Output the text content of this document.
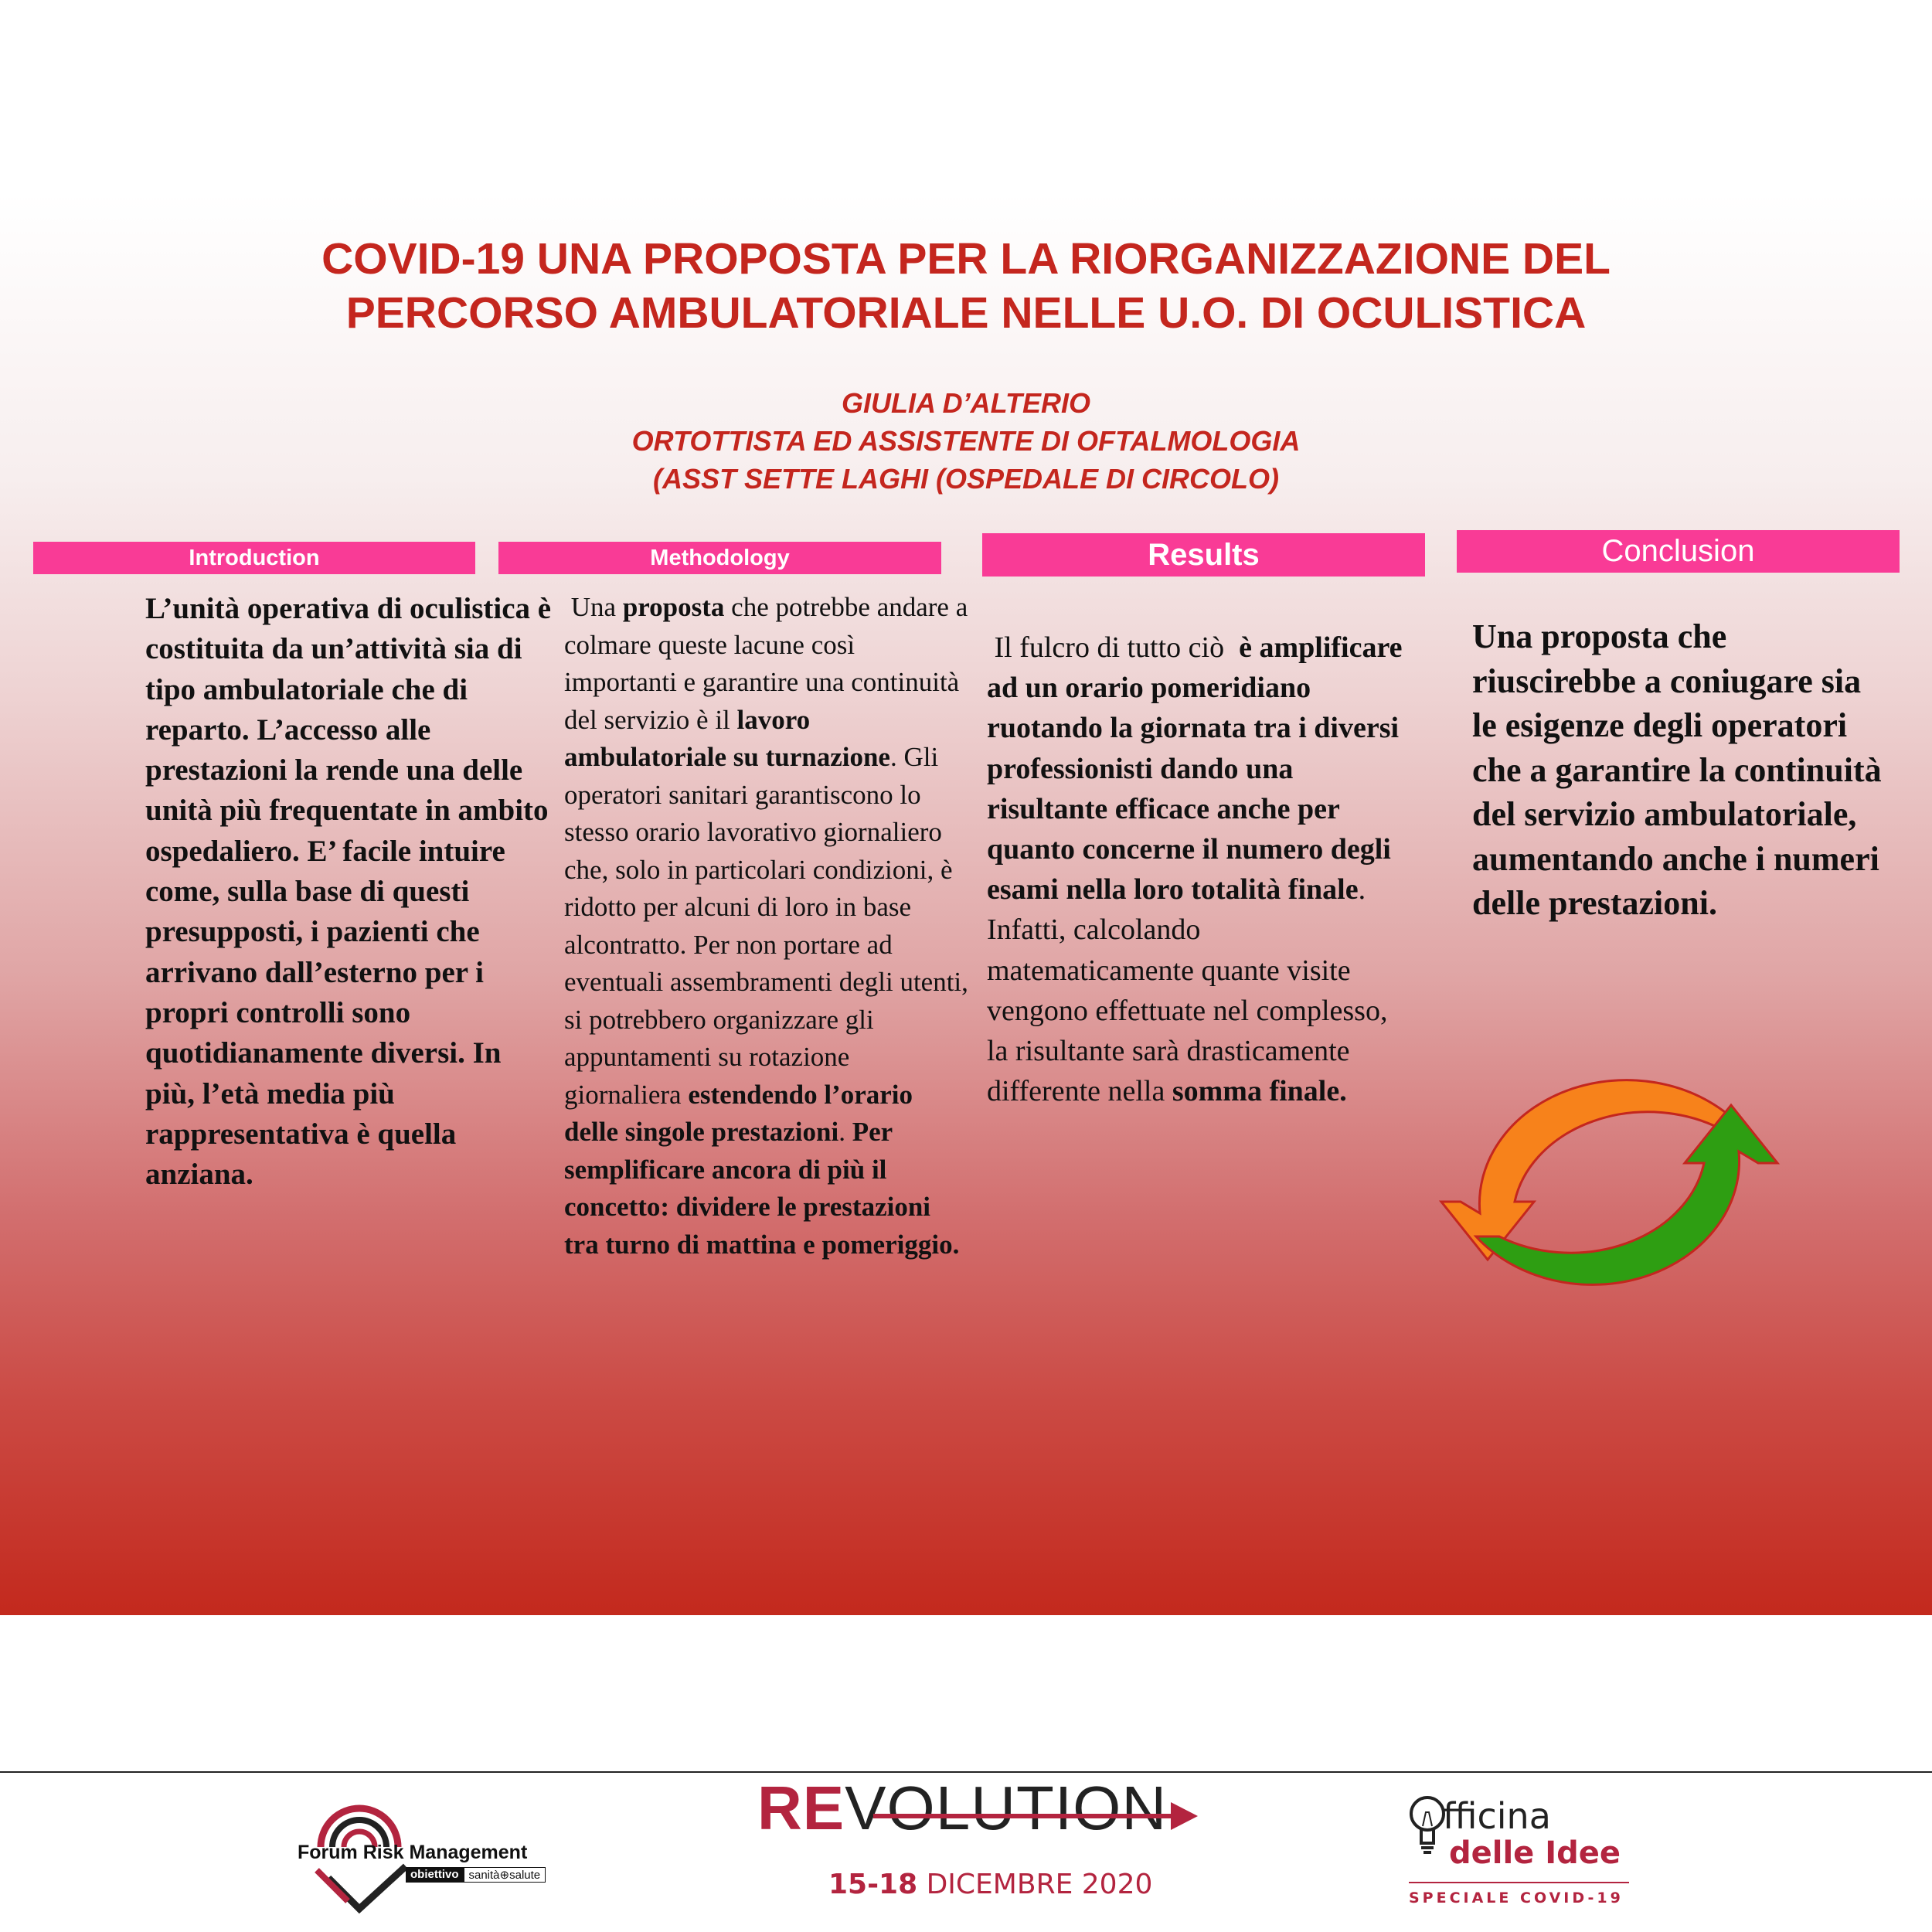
COVID-19 UNA PROPOSTA PER LA RIORGANIZZAZIONE DEL
PERCORSO AMBULATORIALE NELLE U.O. DI OCULISTICA
GIULIA D’ALTERIO
ORTOTTISTA ED ASSISTENTE DI OFTALMOLOGIA
(ASST SETTE LAGHI (OSPEDALE DI CIRCOLO)
Introduction	Methodology	Results	Conclusion

L’unità operativa di oculistica è costituita da un’attività sia di tipo ambulatoriale che di reparto. L’accesso alle prestazioni la rende una delle unità più frequentate in ambito ospedaliero. E’ facile intuire come, sulla base di questi presupposti, i pazienti che arrivano dall’esterno per i propri controlli sono quotidianamente diversi. In più, l’età media più rappresentativa è quella anziana.

Una proposta che potrebbe andare a colmare queste lacune così importanti e garantire una continuità del servizio è il lavoro ambulatoriale su turnazione. Gli operatori sanitari garantiscono lo stesso orario lavorativo giornaliero che, solo in particolari condizioni, è ridotto per alcuni di loro in base alcontratto. Per non portare ad eventuali assembramenti degli utenti, si potrebbero organizzare gli appuntamenti su rotazione giornaliera estendendo l’orario delle singole prestazioni. Per semplificare ancora di più il concetto: dividere le prestazioni tra turno di mattina e pomeriggio.

Il fulcro di tutto ciò  è amplificare ad un orario pomeridiano ruotando la giornata tra i diversi professionisti dando una risultante efficace anche per quanto concerne il numero degli esami nella loro totalità finale. Infatti, calcolando matematicamente quante visite vengono effettuate nel complesso, la risultante sarà drasticamente differente nella somma finale.

Una proposta che riuscirebbe a coniugare sia le esigenze degli operatori che a garantire la continuità del servizio ambulatoriale, aumentando anche i numeri delle prestazioni.

Forum Risk Management
obiettivo sanità⊕salute
REVOLUTION
15-18 DICEMBRE 2020
fficina
delle Idee
SPECIALE COVID-19
